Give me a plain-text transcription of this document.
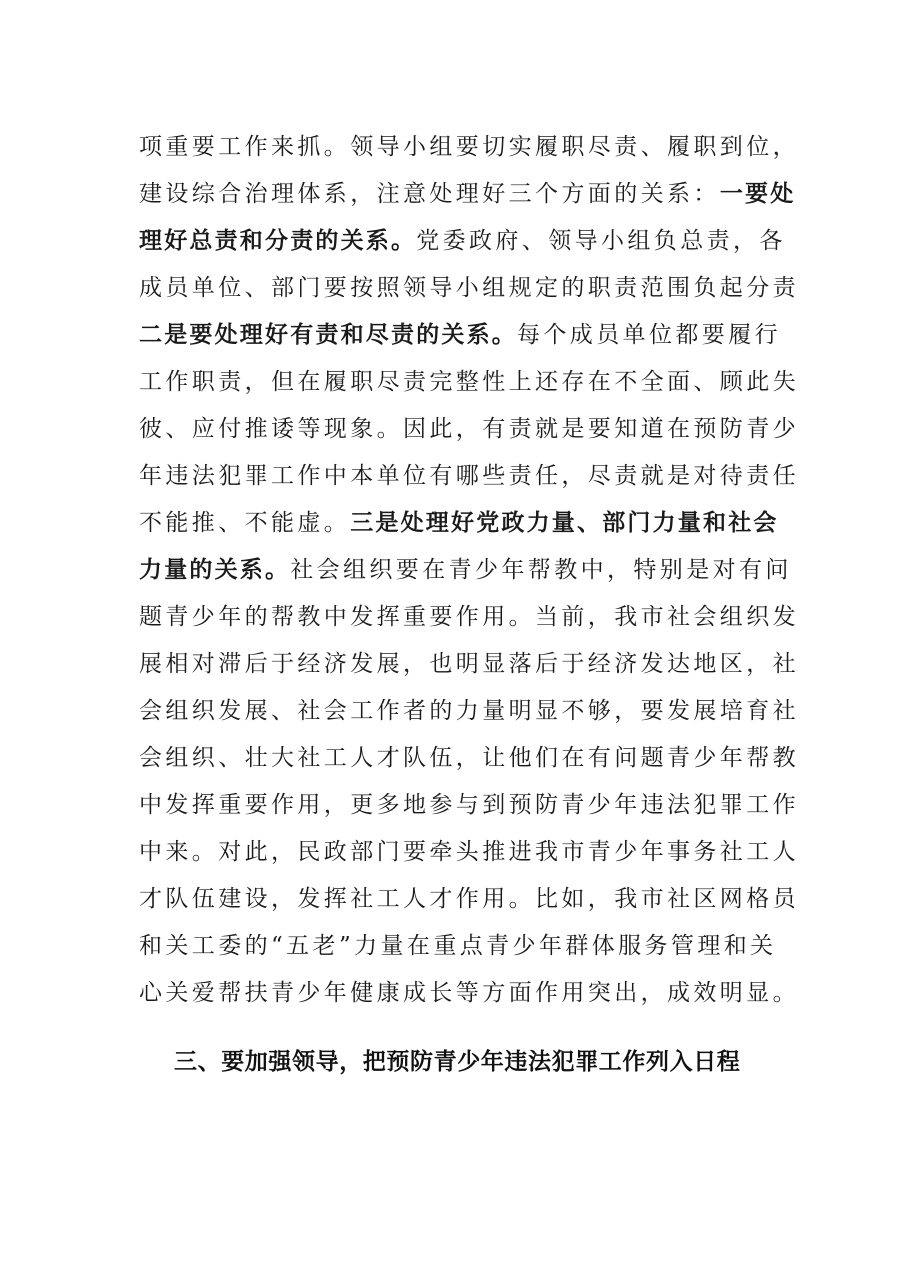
项重要工作来抓。领导小组要切实履职尽责、履职到位，
建设综合治理体系，注意处理好三个方面的关系：一要处
理好总责和分责的关系。党委政府、领导小组负总责，各
成员单位、部门要按照领导小组规定的职责范围负起分责
二是要处理好有责和尽责的关系。每个成员单位都要履行
工作职责，但在履职尽责完整性上还存在不全面、顾此失
彼、应付推诿等现象。因此，有责就是要知道在预防青少
年违法犯罪工作中本单位有哪些责任，尽责就是对待责任
不能推、不能虚。三是处理好党政力量、部门力量和社会
力量的关系。社会组织要在青少年帮教中，特别是对有问
题青少年的帮教中发挥重要作用。当前，我市社会组织发
展相对滞后于经济发展，也明显落后于经济发达地区，社
会组织发展、社会工作者的力量明显不够，要发展培育社
会组织、壮大社工人才队伍，让他们在有问题青少年帮教
中发挥重要作用，更多地参与到预防青少年违法犯罪工作
中来。对此，民政部门要牵头推进我市青少年事务社工人
才队伍建设，发挥社工人才作用。比如，我市社区网格员
和关工委的“五老”力量在重点青少年群体服务管理和关
心关爱帮扶青少年健康成长等方面作用突出，成效明显。
三、要加强领导，把预防青少年违法犯罪工作列入日程
